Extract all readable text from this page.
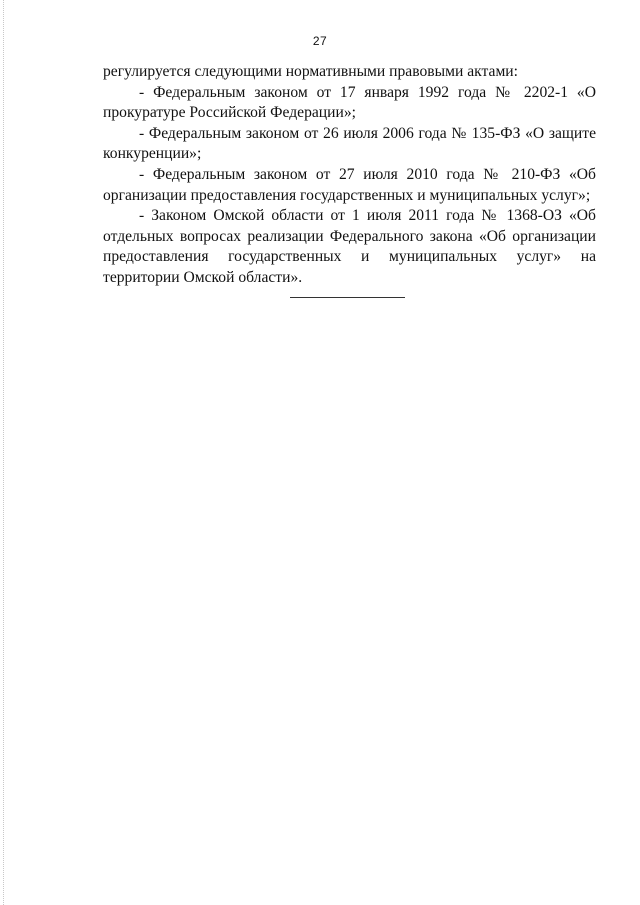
27

регулируется следующими нормативными правовыми актами:

- Федеральным законом от 17 января 1992 года № 2202-1 «О прокуратуре Российской Федерации»;

- Федеральным законом от 26 июля 2006 года № 135-ФЗ «О защите конкуренции»;

- Федеральным законом от 27 июля 2010 года № 210-ФЗ «Об организации предоставления государственных и муниципальных услуг»;

- Законом Омской области от 1 июля 2011 года № 1368-ОЗ «Об отдельных вопросах реализации Федерального закона «Об организации предоставления государственных и муниципальных услуг» на территории Омской области».
